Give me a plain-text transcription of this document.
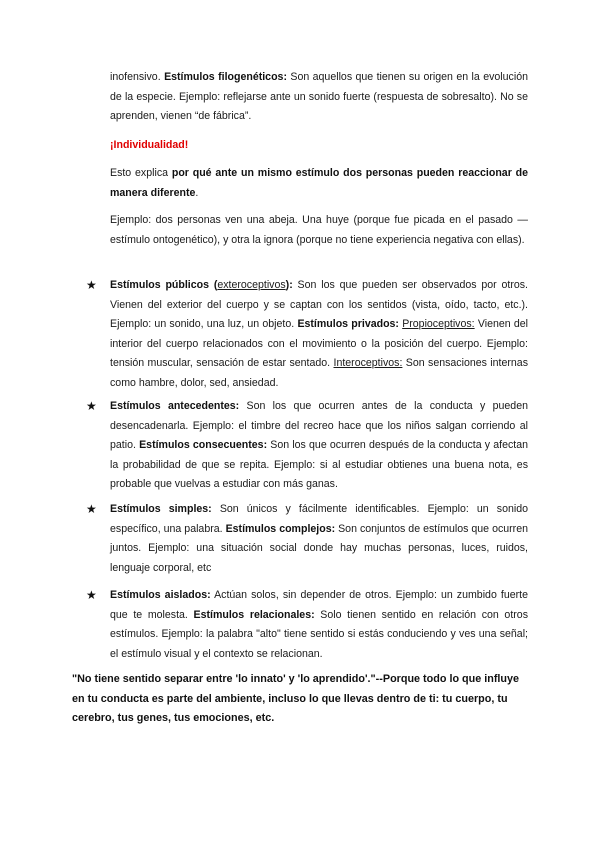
inofensivo. Estímulos filogenéticos: Son aquellos que tienen su origen en la evolución de la especie. Ejemplo: reflejarse ante un sonido fuerte (respuesta de sobresalto). No se aprenden, vienen “de fábrica”.

¡Individualidad!

Esto explica por qué ante un mismo estímulo dos personas pueden reaccionar de manera diferente.

Ejemplo: dos personas ven una abeja. Una huye (porque fue picada en el pasado — estímulo ontogenético), y otra la ignora (porque no tiene experiencia negativa con ellas).

★ Estímulos públicos (exteroceptivos): Son los que pueden ser observados por otros. Vienen del exterior del cuerpo y se captan con los sentidos (vista, oído, tacto, etc.). Ejemplo: un sonido, una luz, un objeto. Estímulos privados: Propioceptivos: Vienen del interior del cuerpo relacionados con el movimiento o la posición del cuerpo. Ejemplo: tensión muscular, sensación de estar sentado. Interoceptivos: Son sensaciones internas como hambre, dolor, sed, ansiedad.

★ Estímulos antecedentes: Son los que ocurren antes de la conducta y pueden desencadenarla. Ejemplo: el timbre del recreo hace que los niños salgan corriendo al patio. Estímulos consecuentes: Son los que ocurren después de la conducta y afectan la probabilidad de que se repita. Ejemplo: si al estudiar obtienes una buena nota, es probable que vuelvas a estudiar con más ganas.

★ Estímulos simples: Son únicos y fácilmente identificables. Ejemplo: un sonido específico, una palabra. Estímulos complejos: Son conjuntos de estímulos que ocurren juntos. Ejemplo: una situación social donde hay muchas personas, luces, ruidos, lenguaje corporal, etc

★ Estímulos aislados: Actúan solos, sin depender de otros. Ejemplo: un zumbido fuerte que te molesta. Estímulos relacionales: Solo tienen sentido en relación con otros estímulos. Ejemplo: la palabra "alto" tiene sentido si estás conduciendo y ves una señal; el estímulo visual y el contexto se relacionan.

"No tiene sentido separar entre 'lo innato' y 'lo aprendido'."--Porque todo lo que influye en tu conducta es parte del ambiente, incluso lo que llevas dentro de ti: tu cuerpo, tu cerebro, tus genes, tus emociones, etc.
